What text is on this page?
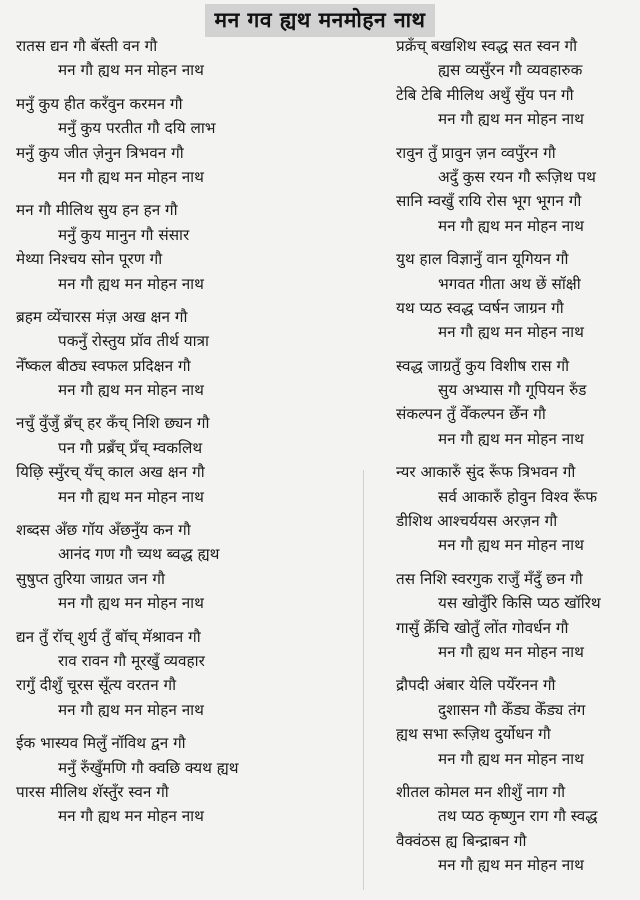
मन गव ह्यथ मनमोहन नाथ
रातस द्यन गौ बॅस्ती वन गौ
मन गौ ह्यथ मन मोहन नाथ
मनुँ कुय हीत करँवुन करमन गौ
मनुँ कुय परतीत गौ दयि लाभ
मनुँ कुय जीत ज़ेनुन त्रिभवन गौ
मन गौ ह्यथ मन मोहन नाथ
मन गौ मीलिथ सुय हन हन गौ
मनुँ कुय मानुन गौ संसार
मेथ्या निश्चय सोन पूरण गौ
मन गौ ह्यथ मन मोहन नाथ
ब्रहम व्येंचारस मंज़ अख क्षन गौ
पकनुँ रोस्तुय प्रॉव तीर्थ यात्रा
नेँष्कल बीठ्य स्वफल प्रदिक्षन गौ
मन गौ ह्यथ मन मोहन नाथ
नचुँ वुँजुँ ब्रँच् हर कँच् निशि छ्यन गौ
पन गौ प्रब्रँच् प्रँच् म्वकलिथ
यिछ़ि स्मुँरच् यँच् काल अख क्षन गौ
मन गौ ह्यथ मन मोहन नाथ
शब्दस अँछ गॉय अँछनुँय कन गौ
आनंद गण गौ च्यथ ब्वद्ध ह्यथ
सुषुप्त तुरिया जाग्रत जन गौ
मन गौ ह्यथ मन मोहन नाथ
द्यन तुँ रॉच् शुर्य तुँ बॉच् मॅश्रावन गौ
राव रावन गौ मूरखुँ व्यवहार
रागुँ दीशुँ चूरस सूँत्य वरतन गौ
मन गौ ह्यथ मन मोहन नाथ
ईक भास्यव मिलुँ नॉविथ द्वन गौ
मनुँ रुँखुँमणि गौ क्वछि क्यथ ह्यथ
पारस मीलिथ शॅस्तुँर स्वन गौ
मन गौ ह्यथ मन मोहन नाथ
प्रक्रँच् बखशिथ स्वद्ध सत स्वन गौ
ह्यस व्यसुँरन गौ व्यवहारुक
टेबि टेबि मीलिथ अथुँ सुँय पन गौ
मन गौ ह्यथ मन मोहन नाथ
रावुन तुँ प्रावुन ज़न व्वपुँरन गौ
अदुँ कुस रयन गौ रूज़िथ पथ
सानि म्वखुँ रायि रोस भूग भूगन गौ
मन गौ ह्यथ मन मोहन नाथ
युथ हाल विज्ञानुँ वान यूगियन गौ
भगवत गीता अथ छें सॉक्षी
यथ प्यठ स्वद्ध प्वर्षन जाग्रन गौ
मन गौ ह्यथ मन मोहन नाथ
स्वद्ध जाग्रतुँ कुय विशीष रास गौ
सुय अभ्यास गौ गूपियन रुँड
संकल्पन तुँ वेँकल्पन छेँन गौ
मन गौ ह्यथ मन मोहन नाथ
न्यर आकारुँ सुंद रूँफ त्रिभवन गौ
सर्व आकारुँ होवुन विश्व रूँफ
डीशिथ आश्चर्ययस अरज़न गौ
मन गौ ह्यथ मन मोहन नाथ
तस निशि स्वरगुक राजुँ मँदुँ छन गौ
यस खोवुँरि किसि प्यठ खॉरिथ
गासुँ क्रेँचि खोतुँ लोंत गोवर्धन गौ
मन गौ ह्यथ मन मोहन नाथ
द्रौपदी अंबार येलि पयेँरनन गौ
दुशासन गौ केँड्य केँड्य तंग
ह्यथ सभा रूज़िथ दुर्योधन गौ
मन गौ ह्यथ मन मोहन नाथ
शीतल कोमल मन शीशुँ नाग गौ
तथ प्यठ कृष्णुन राग गौ स्वद्ध
वैक्वंठस ह्य बिन्द्राबन गौ
मन गौ ह्यथ मन मोहन नाथ
